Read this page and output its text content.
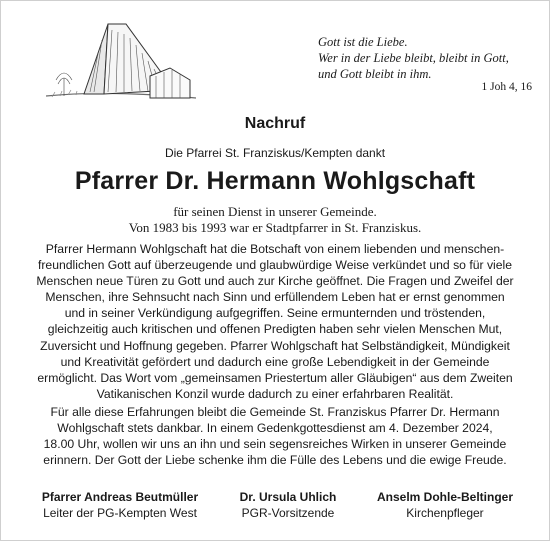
Gott ist die Liebe.
Wer in der Liebe bleibt, bleibt in Gott,
und Gott bleibt in ihm.
1 Joh 4, 16
Nachruf
Die Pfarrei St. Franziskus/Kempten dankt
Pfarrer Dr. Hermann Wohlgschaft
für seinen Dienst in unserer Gemeinde.
Von 1983 bis 1993 war er Stadtpfarrer in St. Franziskus.
Pfarrer Hermann Wohlgschaft hat die Botschaft von einem liebenden und menschen-
freundlichen Gott auf überzeugende und glaubwürdige Weise verkündet und so für viele
Menschen neue Türen zu Gott und auch zur Kirche geöffnet. Die Fragen und Zweifel der
Menschen, ihre Sehnsucht nach Sinn und erfüllendem Leben hat er ernst genommen
und in seiner Verkündigung aufgegriffen. Seine ermunternden und tröstenden,
gleichzeitig auch kritischen und offenen Predigten haben sehr vielen Menschen Mut,
Zuversicht und Hoffnung gegeben. Pfarrer Wohlgschaft hat Selbständigkeit, Mündigkeit
und Kreativität gefördert und dadurch eine große Lebendigkeit in der Gemeinde
ermöglicht. Das Wort vom „gemeinsamen Priestertum aller Gläubigen“ aus dem Zweiten
Vatikanischen Konzil wurde dadurch zu einer erfahrbaren Realität.
Für alle diese Erfahrungen bleibt die Gemeinde St. Franziskus Pfarrer Dr. Hermann
Wohlgschaft stets dankbar. In einem Gedenkgottesdienst am 4. Dezember 2024,
18.00 Uhr, wollen wir uns an ihn und sein segensreiches Wirken in unserer Gemeinde
erinnern. Der Gott der Liebe schenke ihm die Fülle des Lebens und die ewige Freude.
Pfarrer Andreas Beutmüller
Leiter der PG-Kempten West
Dr. Ursula Uhlich
PGR-Vorsitzende
Anselm Dohle-Beltinger
Kirchenpfleger
